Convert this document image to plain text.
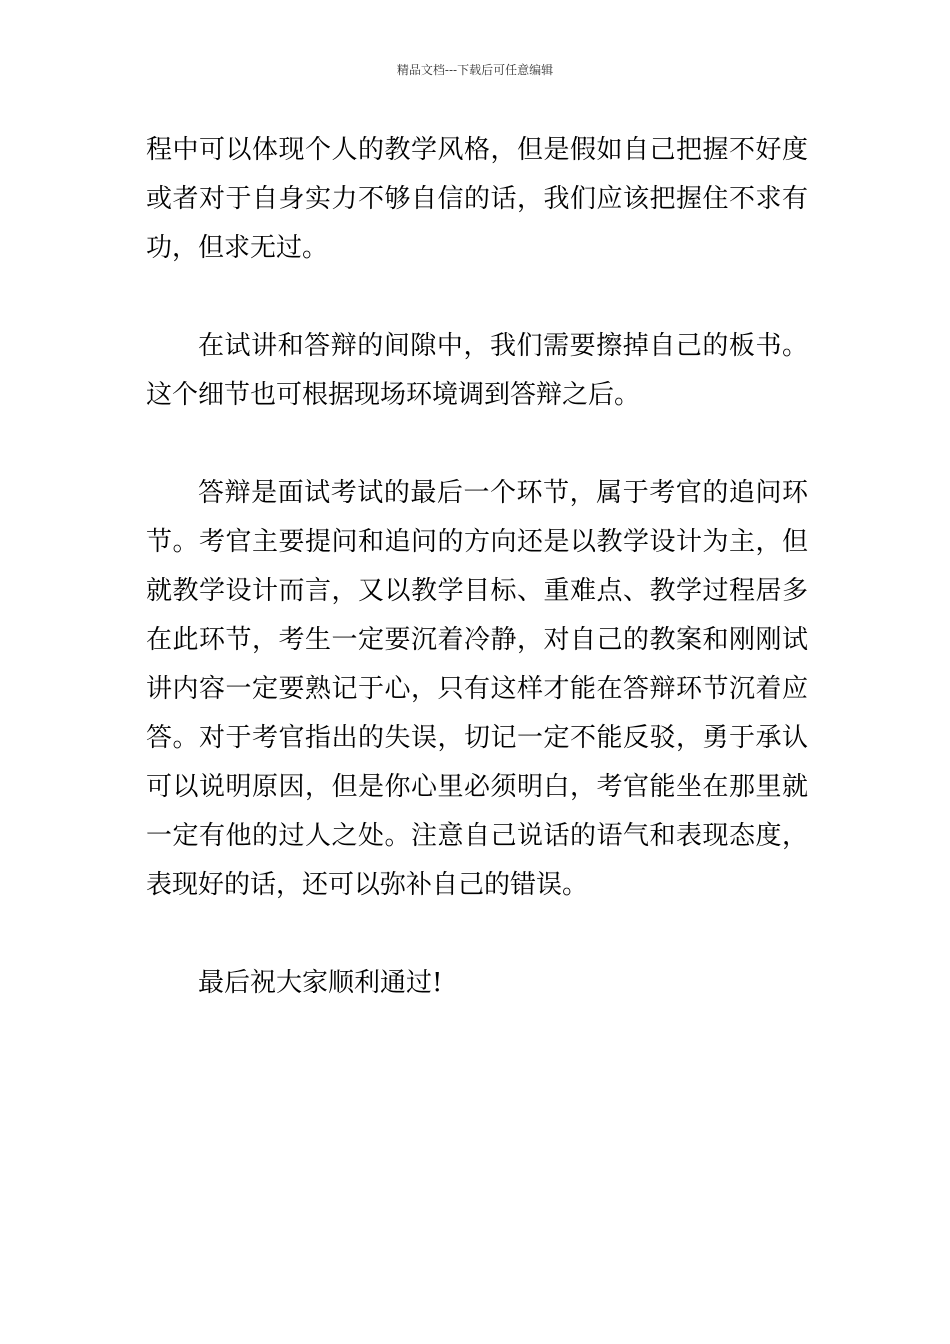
精品文档---下载后可任意编辑

程中可以体现个人的教学风格，但是假如自己把握不好度或者对于自身实力不够自信的话，我们应该把握住不求有功，但求无过。

在试讲和答辩的间隙中，我们需要擦掉自己的板书。这个细节也可根据现场环境调到答辩之后。

答辩是面试考试的最后一个环节，属于考官的追问环节。考官主要提问和追问的方向还是以教学设计为主，但就教学设计而言，又以教学目标、重难点、教学过程居多在此环节，考生一定要沉着冷静，对自己的教案和刚刚试讲内容一定要熟记于心，只有这样才能在答辩环节沉着应答。对于考官指出的失误，切记一定不能反驳，勇于承认可以说明原因，但是你心里必须明白，考官能坐在那里就一定有他的过人之处。注意自己说话的语气和表现态度，表现好的话，还可以弥补自己的错误。

最后祝大家顺利通过!
